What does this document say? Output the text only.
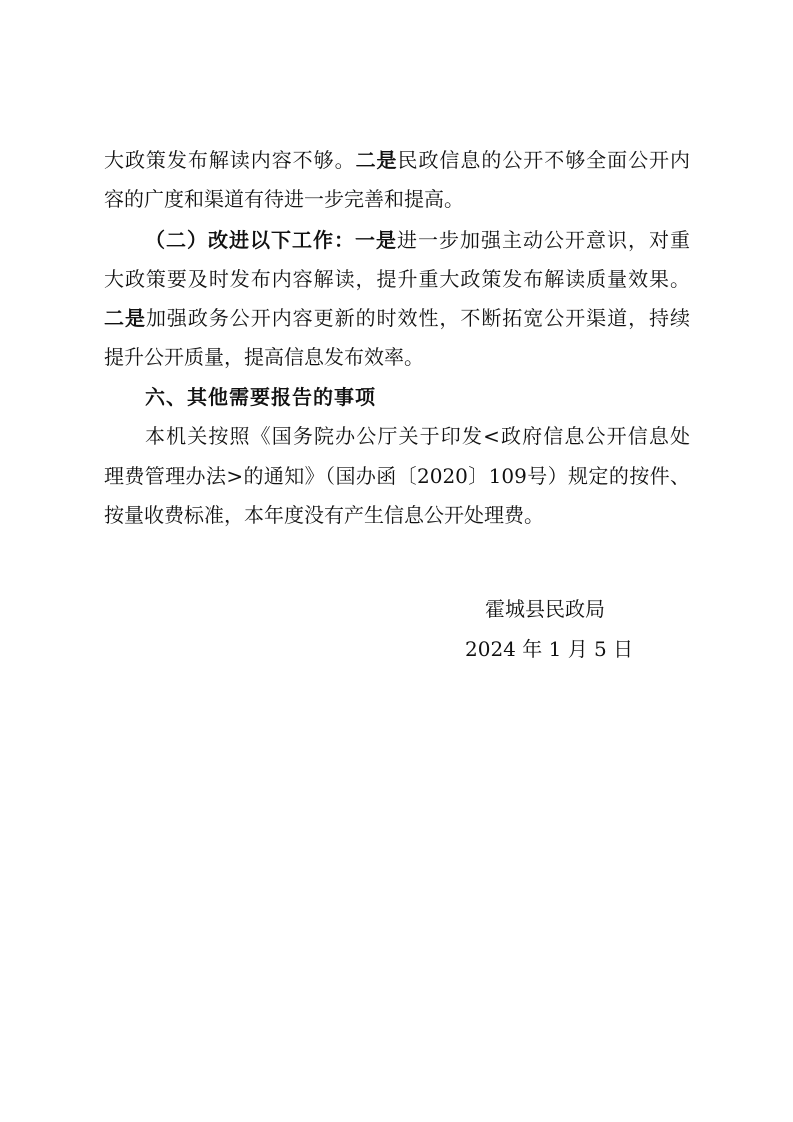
大政策发布解读内容不够。二是民政信息的公开不够全面公开内
容的广度和渠道有待进一步完善和提高。
（二）改进以下工作：一是进一步加强主动公开意识，对重
大政策要及时发布内容解读，提升重大政策发布解读质量效果。
二是加强政务公开内容更新的时效性，不断拓宽公开渠道，持续
提升公开质量，提高信息发布效率。
六、其他需要报告的事项
本机关按照《国务院办公厅关于印发<政府信息公开信息处
理费管理办法>的通知》（国办函〔2020〕109号）规定的按件、
按量收费标准，本年度没有产生信息公开处理费。
霍城县民政局
2024 年 1 月 5 日
